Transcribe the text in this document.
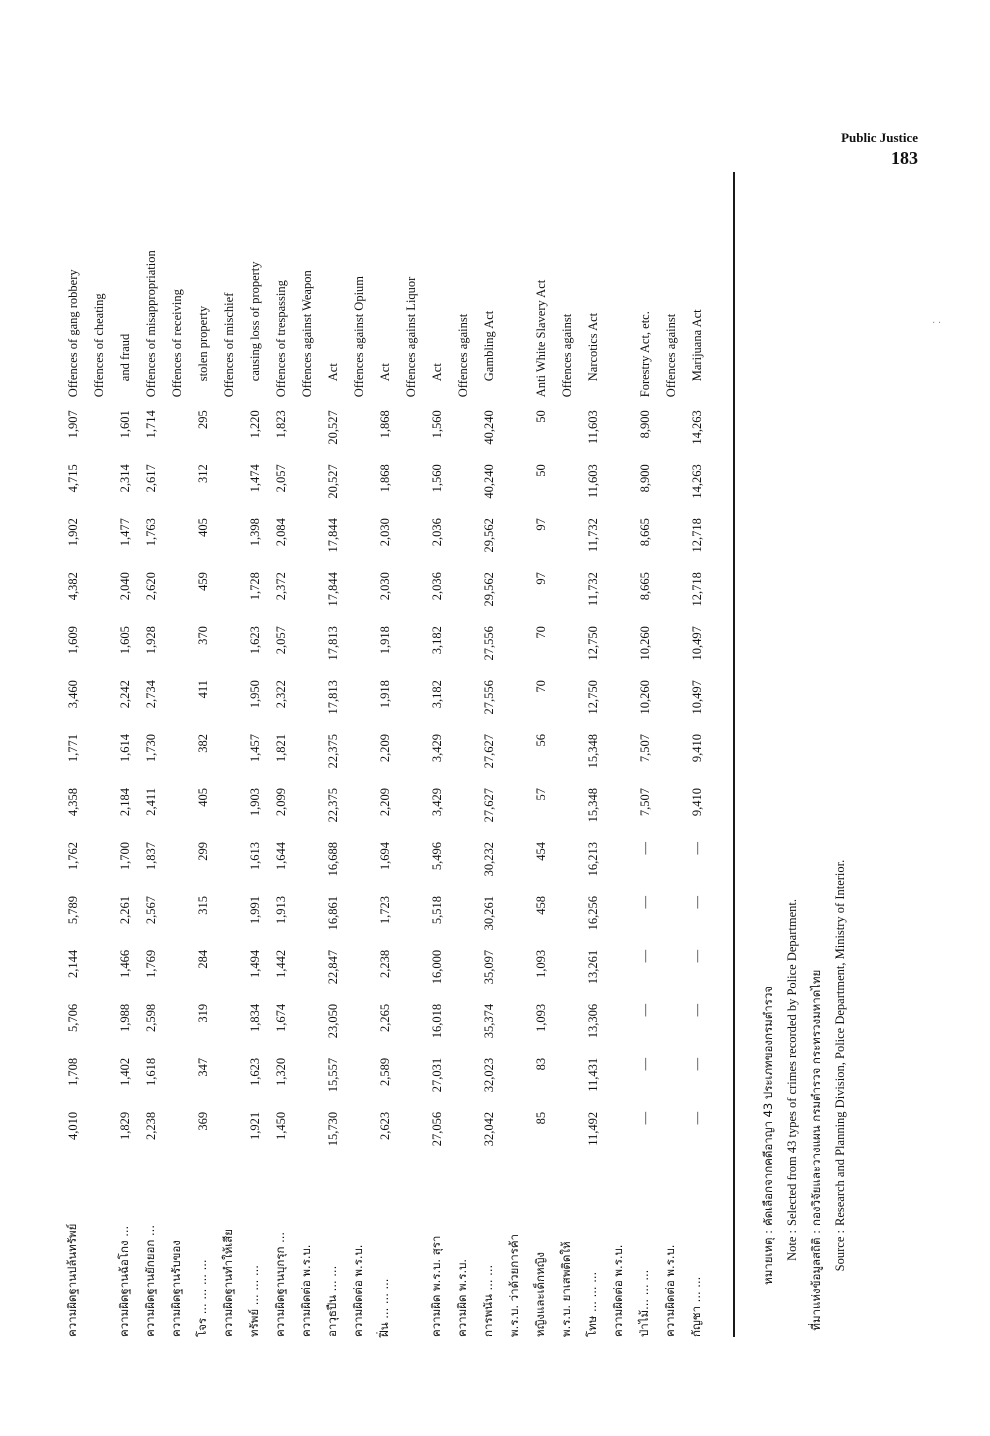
Public Justice
183
ความผิดฐานปล้นทรัพย์	4,010	1,708	5,706	2,144	5,789	1,762	4,358	1,771	3,460	1,609	4,382	1,902	4,715	1,907	Offences of gang robbery
															Offences of cheating
ความผิดฐานฉ้อโกง ...	1,829	1,402	1,988	1,466	2,261	1,700	2,184	1,614	2,242	1,605	2,040	1,477	2,314	1,601	and fraud
ความผิดฐานยักยอก ...	2,238	1,618	2,598	1,769	2,567	1,837	2,411	1,730	2,734	1,928	2,620	1,763	2,617	1,714	Offences of misappropriation
ความผิดฐานรับของ															Offences of receiving
โจร ... ... ... ...	369	347	319	284	315	299	405	382	411	370	459	405	312	295	stolen property
ความผิดฐานทำให้เสีย															Offences of mischief
ทรัพย์ ... ... ...	1,921	1,623	1,834	1,494	1,991	1,613	1,903	1,457	1,950	1,623	1,728	1,398	1,474	1,220	causing loss of property
ความผิดฐานบุกรุก ...	1,450	1,320	1,674	1,442	1,913	1,644	2,099	1,821	2,322	2,057	2,372	2,084	2,057	1,823	Offences of trespassing
ความผิดต่อ พ.ร.บ.															Offences against Weapon
อาวุธปืน ... ...	15,730	15,557	23,050	22,847	16,861	16,688	22,375	22,375	17,813	17,813	17,844	17,844	20,527	20,527	Act
ความผิดต่อ พ.ร.บ.															Offences against Opium
ฝิ่น ... ... ...	2,623	2,589	2,265	2,238	1,723	1,694	2,209	2,209	1,918	1,918	2,030	2,030	1,868	1,868	Act
															Offences against Liquor
ความผิด พ.ร.บ. สุรา	27,056	27,031	16,018	16,000	5,518	5,496	3,429	3,429	3,182	3,182	2,036	2,036	1,560	1,560	Act
ความผิด พ.ร.บ.															Offences against
การพนัน ... ...	32,042	32,023	35,374	35,097	30,261	30,232	27,627	27,627	27,556	27,556	29,562	29,562	40,240	40,240	Gambling Act
พ.ร.บ. ว่าด้วยการค้า															
หญิงและเด็กหญิง	85	83	1,093	1,093	458	454	57	56	70	70	97	97	50	50	Anti White Slavery Act
พ.ร.บ. ยาเสพติดให้															Offences against
โทษ ... ... ...	11,492	11,431	13,306	13,261	16,256	16,213	15,348	15,348	12,750	12,750	11,732	11,732	11,603	11,603	Narcotics Act
ความผิดต่อ พ.ร.บ.															
ป่าไม้... ... ...	—	—	—	—	—	—	7,507	7,507	10,260	10,260	8,665	8,665	8,900	8,900	Forestry Act, etc.
ความผิดต่อ พ.ร.บ.															Offences against
กัญชา ... ...	—	—	—	—	—	—	9,410	9,410	10,497	10,497	12,718	12,718	14,263	14,263	Marijuana Act
หมายเหตุ :คัดเลือกจากคดีอาญา 43 ประเภทของกรมตำรวจ
Note :Selected from 43 types of crimes recorded by Police Department.
ที่มาแห่งข้อมูลสถิติ :กองวิจัยและวางแผน กรมตำรวจ กระทรวงมหาดไทย
Source :Research and Planning Division, Police Department, Ministry of Interior.
· ·
